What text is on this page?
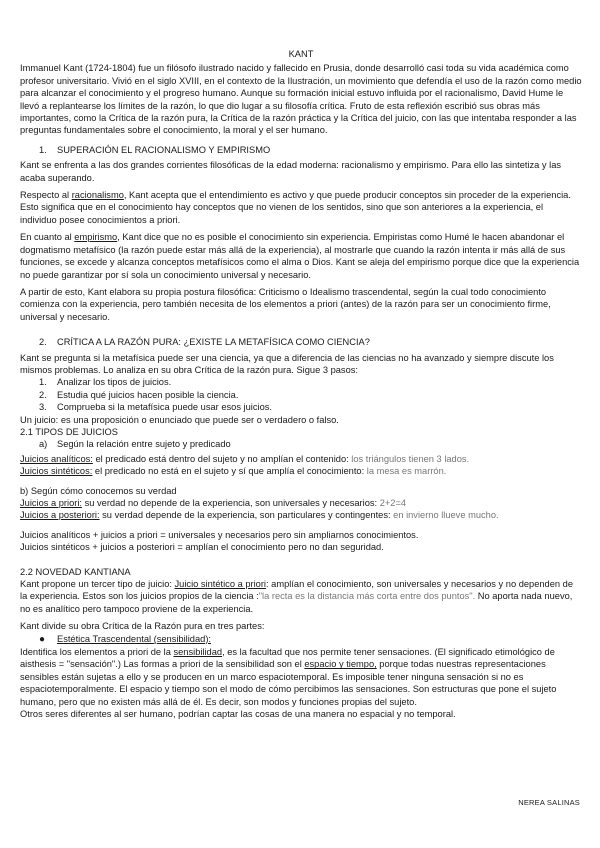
KANT

Immanuel Kant (1724-1804) fue un filósofo ilustrado nacido y fallecido en Prusia, donde desarrolló casi toda su vida académica como profesor universitario. Vivió en el siglo XVIII, en el contexto de la Ilustración, un movimiento que defendía el uso de la razón como medio para alcanzar el conocimiento y el progreso humano. Aunque su formación inicial estuvo influida por el racionalismo, David Hume le llevó a replantearse los límites de la razón, lo que dio lugar a su filosofía crítica. Fruto de esta reflexión escribió sus obras más importantes, como la Crítica de la razón pura, la Crítica de la razón práctica y la Crítica del juicio, con las que intentaba responder a las preguntas fundamentales sobre el conocimiento, la moral y el ser humano.

1. SUPERACIÓN EL RACIONALISMO Y EMPIRISMO

Kant se enfrenta a las dos grandes corrientes filosóficas de la edad moderna: racionalismo y empirismo. Para ello las sintetiza y las acaba superando.

Respecto al racionalismo, Kant acepta que el entendimiento es activo y que puede producir conceptos sin proceder de la experiencia. Esto significa que en el conocimiento hay conceptos que no vienen de los sentidos, sino que son anteriores a la experiencia, el individuo posee conocimientos a priori.

En cuanto al empirismo, Kant dice que no es posible el conocimiento sin experiencia. Empiristas como Humé le hacen abandonar el dogmatismo metafísico (la razón puede estar más allá de la experiencia), al mostrarle que cuando la razón intenta ir más allá de sus funciones, se excede y alcanza conceptos metafísicos como el alma o Dios. Kant se aleja del empirismo porque dice que la experiencia no puede garantizar por sí sola un conocimiento universal y necesario.

A partir de esto, Kant elabora su propia postura filosófica: Criticismo o Idealismo trascendental, según la cual todo conocimiento comienza con la experiencia, pero también necesita de los elementos a priori (antes) de la razón para ser un conocimiento firme, universal y necesario.

2. CRÍTICA A LA RAZÓN PURA: ¿EXISTE LA METAFÍSICA COMO CIENCIA?

Kant se pregunta si la metafísica puede ser una ciencia, ya que a diferencia de las ciencias no ha avanzado y siempre discute los mismos problemas. Lo analiza en su obra Crítica de la razón pura. Sigue 3 pasos:

1. Analizar los tipos de juicios.
2. Estudia qué juicios hacen posible la ciencia.
3. Comprueba si la metafísica puede usar esos juicios.

Un juicio: es una proposición o enunciado que puede ser o verdadero o falso.

2.1 TIPOS DE JUICIOS

a) Según la relación entre sujeto y predicado

Juicios analíticos: el predicado está dentro del sujeto y no amplían el contenido: los triángulos tienen 3 lados.

Juicios sintéticos: el predicado no está en el sujeto y sí que amplía el conocimiento: la mesa es marrón.

b) Según cómo conocemos su verdad

Juicios a priori: su verdad no depende de la experiencia, son universales y necesarios: 2+2=4

Juicios a posteriori: su verdad depende de la experiencia, son particulares y contingentes: en invierno llueve mucho.

Juicios analíticos + juicios a priori = universales y necesarios pero sin ampliarnos conocimientos.

Juicios sintéticos + juicios a posteriori = amplían el conocimiento pero no dan seguridad.

2.2 NOVEDAD KANTIANA

Kant propone un tercer tipo de juicio: Juicio sintético a priori: amplían el conocimiento, son universales y necesarios y no dependen de la experiencia. Estos son los juicios propios de la ciencia :"la recta es la distancia más corta entre dos puntos". No aporta nada nuevo, no es analítico pero tampoco proviene de la experiencia.

Kant divide su obra Crítica de la Razón pura en tres partes:

● Estética Trascendental (sensibilidad):

Identifica los elementos a priori de la sensibilidad, es la facultad que nos permite tener sensaciones. (El significado etimológico de aisthesis = "sensación".) Las formas a priori de la sensibilidad son el espacio y tiempo, porque todas nuestras representaciones sensibles están sujetas a ello y se producen en un marco espaciotemporal. Es imposible tener ninguna sensación si no es espaciotemporalmente. El espacio y tiempo son el modo de cómo percibimos las sensaciones. Son estructuras que pone el sujeto humano, pero que no existen más allá de él. Es decir, son modos y funciones propias del sujeto.

Otros seres diferentes al ser humano, podrían captar las cosas de una manera no espacial y no temporal.

NEREA SALINAS
